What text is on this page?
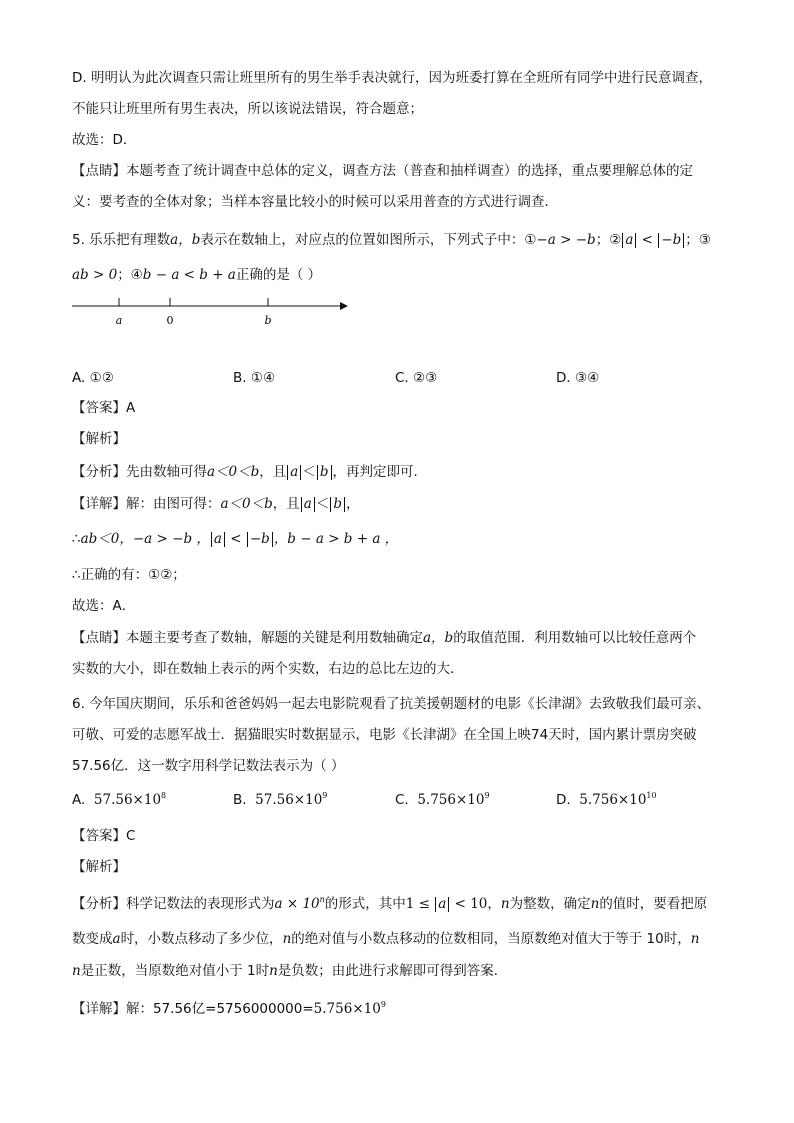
D. 明明认为此次调查只需让班里所有的男生举手表决就行，因为班委打算在全班所有同学中进行民意调查，
不能只让班里所有男生表决，所以该说法错误，符合题意；
故选：D．
【点睛】本题考查了统计调查中总体的定义，调查方法（普查和抽样调查）的选择，重点要理解总体的定
义：要考查的全体对象；当样本容量比较小的时候可以采用普查的方式进行调查．
5. 乐乐把有理数a，b表示在数轴上，对应点的位置如图所示，下列式子中：①−a > −b；② a < −b ；③
ab > 0；④b − a < b + a正确的是（ ）
a	0	b
A. ①②	B. ①④	C. ②③	D. ③④
【答案】A
【解析】
【分析】先由数轴可得a＜0＜b，且 a ＜ b ，再判定即可．
【详解】解：由图可得：a＜0＜b，且 a ＜ b ，
∴ab＜0，−a > −b ， a < −b ，b − a > b + a ，
∴正确的有：①②；
故选：A．
【点睛】本题主要考查了数轴，解题的关键是利用数轴确定a，b的取值范围．利用数轴可以比较任意两个
实数的大小，即在数轴上表示的两个实数，右边的总比左边的大．
6. 今年国庆期间，乐乐和爸爸妈妈一起去电影院观看了抗美援朝题材的电影《长津湖》去致敬我们最可亲、
可敬、可爱的志愿军战士．据猫眼实时数据显示，电影《长津湖》在全国上映74天时，国内累计票房突破
57.56亿．这一数字用科学记数法表示为（ ）
A. $57.56\times 10^8$	B. $57.56\times 10^9$	C. $5.756\times 10^9$	D. $5.756\times 10^{10}$
【答案】C
【解析】
【分析】科学记数法的表现形式为$a \times 10^n$的形式，其中1 ≤ a < 10，n为整数，确定n的值时，要看把原
数变成a时，小数点移动了多少位，n的绝对值与小数点移动的位数相同，当原数绝对值大于等于 10时，n
n是正数，当原数绝对值小于 1时n是负数；由此进行求解即可得到答案．
【详解】解：57.56亿$=5756000000=5.756\times 10^9$
